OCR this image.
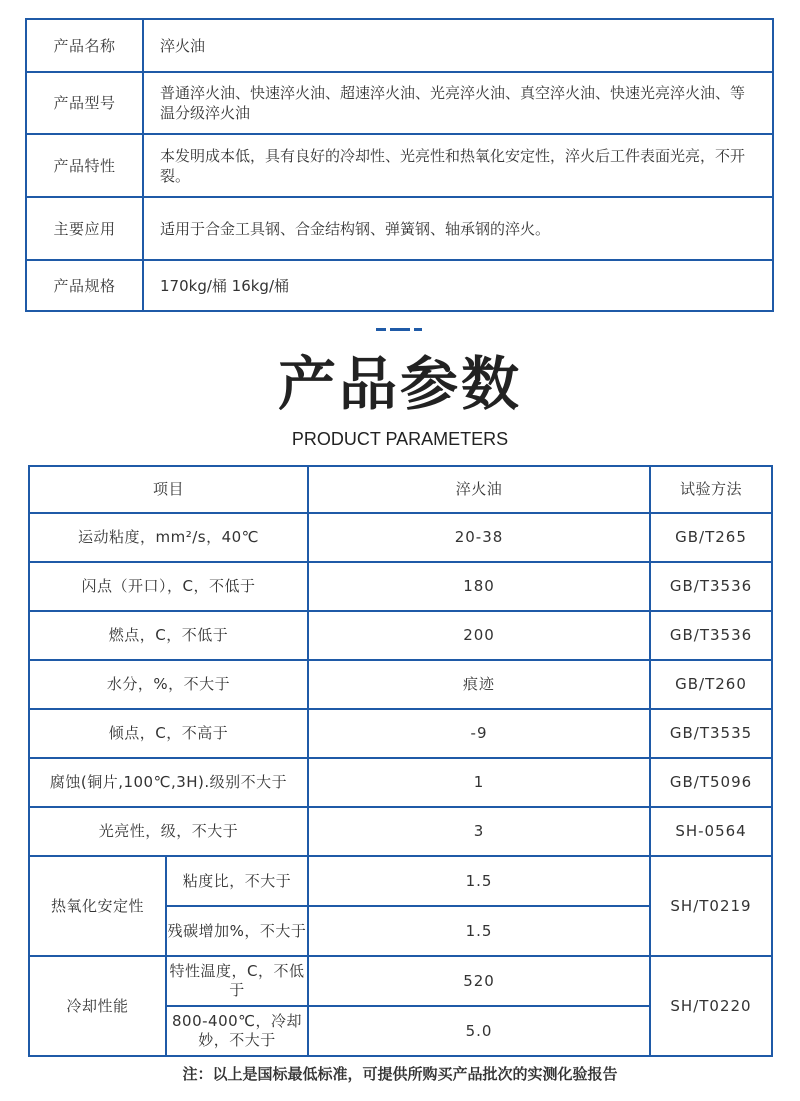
产品名称	淬火油
产品型号	普通淬火油、快速淬火油、超速淬火油、光亮淬火油、真空淬火油、快速光亮淬火油、等温分级淬火油
产品特性	本发明成本低，具有良好的冷却性、光亮性和热氧化安定性，淬火后工件表面光亮，不开裂。
主要应用	适用于合金工具钢、合金结构钢、弹簧钢、轴承钢的淬火。
产品规格	170kg/桶 16kg/桶
产品参数
PRODUCT PARAMETERS
项目		淬火油	试验方法
运动粘度，mm²/s，40℃		20-38	GB/T265
闪点（开口），C，不低于		180	GB/T3536
燃点，C，不低于		200	GB/T3536
水分，%，不大于		痕迹	GB/T260
倾点，C，不高于		-9	GB/T3535
腐蚀(铜片,100℃,3H).级别不大于		1	GB/T5096
光亮性，级，不大于		3	SH-0564
热氧化安定性	粘度比，不大于	1.5	SH/T0219
	残碳增加%，不大于	1.5	
冷却性能	特性温度，C，不低于	520	SH/T0220
	800-400℃，冷却妙，不大于	5.0	
注：以上是国标最低标准，可提供所购买产品批次的实测化验报告
